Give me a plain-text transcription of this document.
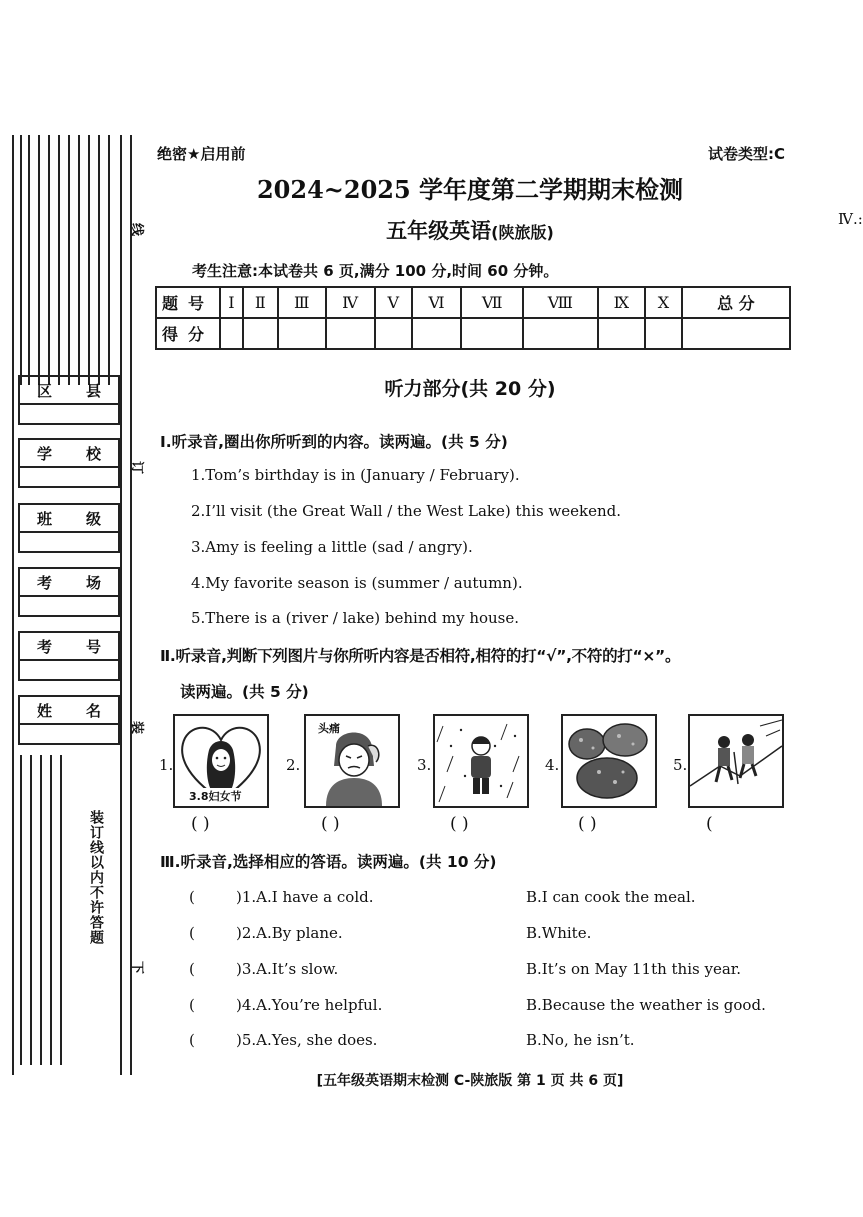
区 县
学 校
班 级
考 场
考 号
姓 名
线
订
装
下
装订线以内不许答题
绝密★启用前	试卷类型:C
2024~2025 学年度第二学期期末检测
五年级英语(陕旅版)
Ⅳ.:
考生注意:本试卷共 6 页,满分 100 分,时间 60 分钟。
题号	Ⅰ	Ⅱ	Ⅲ	Ⅳ	Ⅴ	Ⅵ	Ⅶ	Ⅷ	Ⅸ	Ⅹ	总 分
得分											
听力部分(共 20 分)
Ⅰ.听录音,圈出你所听到的内容。读两遍。(共 5 分)
1.Tom’s birthday is in (January / February).
2.I’ll visit (the Great Wall / the West Lake) this weekend.
3.Amy is feeling a little (sad / angry).
4.My favorite season is (summer / autumn).
5.There is a (river / lake) behind my house.
Ⅱ.听录音,判断下列图片与你所听内容是否相符,相符的打“√”,不符的打“×”。
读两遍。(共 5 分)
1.
3.8妇女节
2.
头痛
3.	4.	5.
( )	( )	( )	( )	(
Ⅲ.听录音,选择相应的答语。读两遍。(共 10 分)
(	)1.A.I have a cold.	B.I can cook the meal.
(	)2.A.By plane.	B.White.
(	)3.A.It’s slow.	B.It’s on May 11th this year.
(	)4.A.You’re helpful.	B.Because the weather is good.
(	)5.A.Yes, she does.	B.No, he isn’t.
[五年级英语期末检测 C-陕旅版 第 1 页 共 6 页]
